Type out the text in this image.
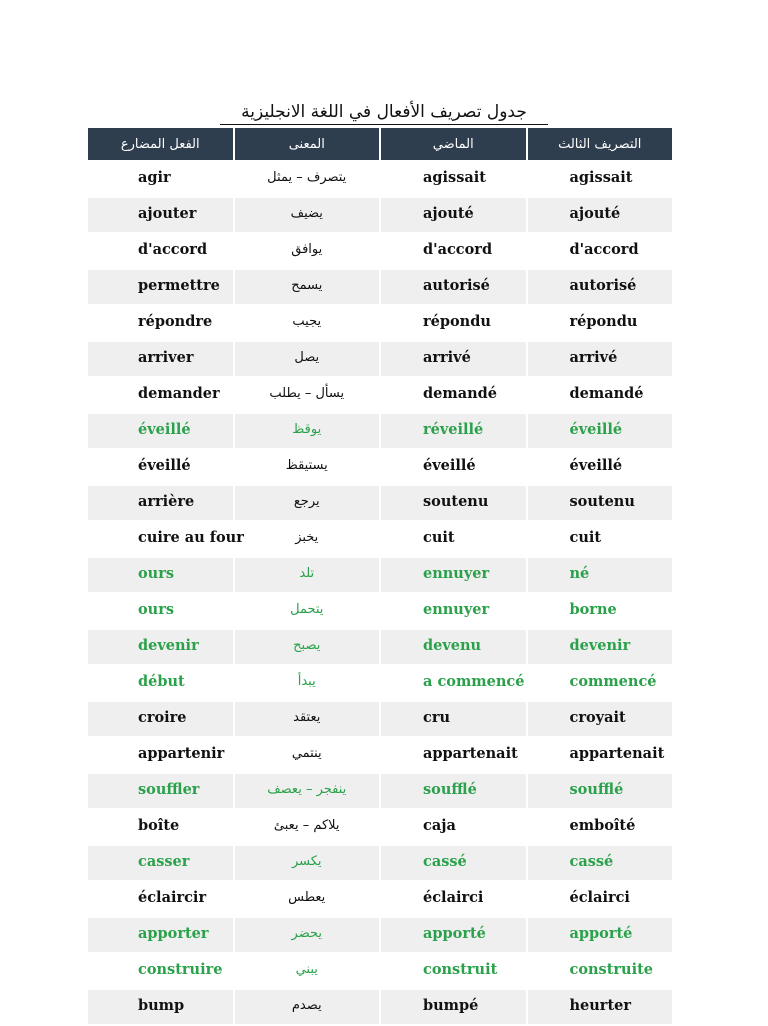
جدول تصريف الأفعال في اللغة الانجليزية
الفعل المضارع	المعنى	الماضي	التصريف الثالث
agir	يتصرف – يمثل	agissait	agissait
ajouter	يضيف	ajouté	ajouté
d'accord	يوافق	d'accord	d'accord
permettre	يسمح	autorisé	autorisé
répondre	يجيب	répondu	répondu
arriver	يصل	arrivé	arrivé
demander	يسأل – يطلب	demandé	demandé
éveillé	يوقظ	réveillé	éveillé
éveillé	يستيقظ	éveillé	éveillé
arrière	يرجع	soutenu	soutenu
cuire au four	يخبز	cuit	cuit
ours	تلد	ennuyer	né
ours	يتحمل	ennuyer	borne
devenir	يصبح	devenu	devenir
début	يبدأ	a commencé	commencé
croire	يعتقد	cru	croyait
appartenir	ينتمي	appartenait	appartenait
souffler	ينفجر – يعصف	soufflé	soufflé
boîte	يلاكم – يعبئ	caja	emboîté
casser	يكسر	cassé	cassé
éclaircir	يعطس	éclairci	éclairci
apporter	يحضر	apporté	apporté
construire	يبني	construit	construite
bump	يصدم	bumpé	heurter
